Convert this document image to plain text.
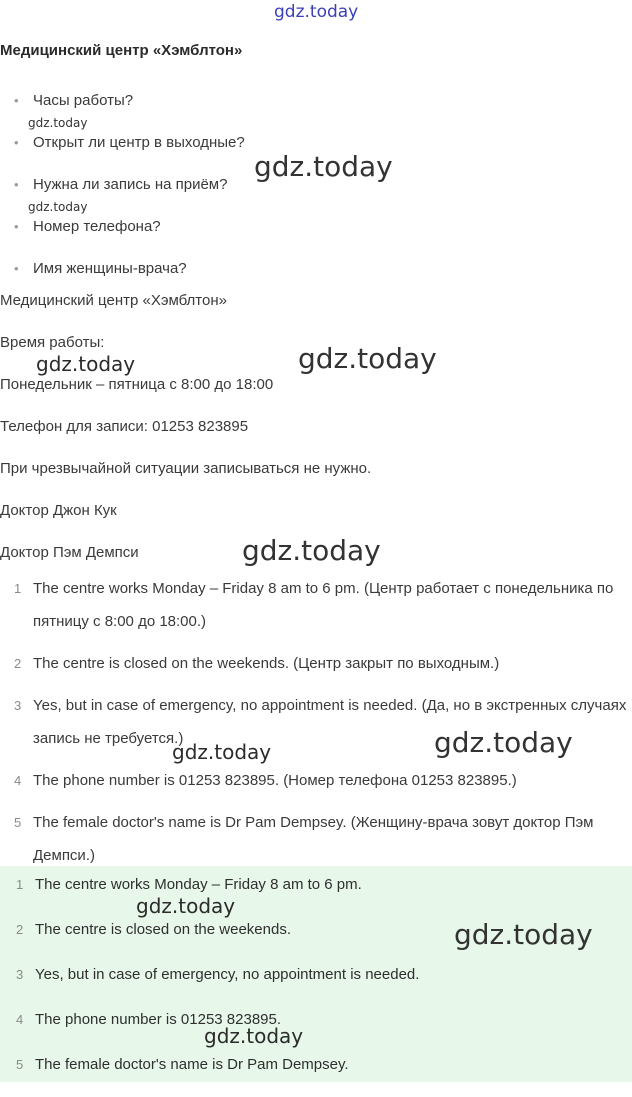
gdz.today
Медицинский центр «Хэмблтон»
• Часы работы?
• Открыт ли центр в выходные?
• Нужна ли запись на приём?
• Номер телефона?
• Имя женщины-врача?
Медицинский центр «Хэмблтон»
Время работы:
Понедельник – пятница с 8:00 до 18:00
Телефон для записи: 01253 823895
При чрезвычайной ситуации записываться не нужно.
Доктор Джон Кук
Доктор Пэм Демпси
1 The centre works Monday – Friday 8 am to 6 pm. (Центр работает с понедельника по пятницу с 8:00 до 18:00.)
2 The centre is closed on the weekends. (Центр закрыт по выходным.)
3 Yes, but in case of emergency, no appointment is needed. (Да, но в экстренных случаях запись не требуется.)
4 The phone number is 01253 823895. (Номер телефона 01253 823895.)
5 The female doctor's name is Dr Pam Dempsey. (Женщину-врача зовут доктор Пэм Демпси.)
1 The centre works Monday – Friday 8 am to 6 pm.
2 The centre is closed on the weekends.
3 Yes, but in case of emergency, no appointment is needed.
4 The phone number is 01253 823895.
5 The female doctor's name is Dr Pam Dempsey.
gdz.today
gdz.today
gdz.today
gdz.today	gdz.today
gdz.today
gdz.today	gdz.today
gdz.today
gdz.today
gdz.today
